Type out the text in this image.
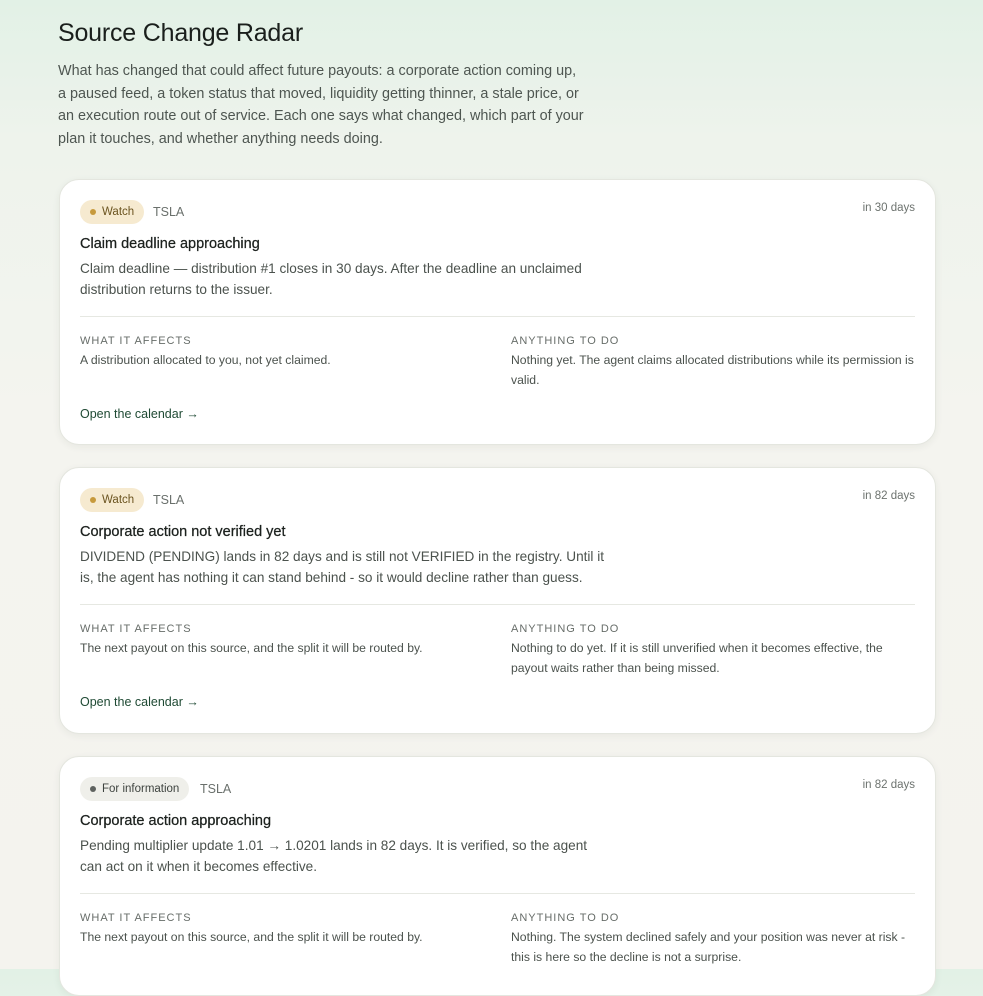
Source Change Radar

What has changed that could affect future payouts: a corporate action coming up, a paused feed, a token status that moved, liquidity getting thinner, a stale price, or an execution route out of service. Each one says what changed, which part of your plan it touches, and whether anything needs doing.

Watch TSLA	in 30 days
Claim deadline approaching

Claim deadline — distribution #1 closes in 30 days. After the deadline an unclaimed distribution returns to the issuer.

WHAT IT AFFECTS

A distribution allocated to you, not yet claimed.

ANYTHING TO DO

Nothing yet. The agent claims allocated distributions while its permission is valid.

Open the calendar →
Watch TSLA	in 82 days
Corporate action not verified yet

DIVIDEND (PENDING) lands in 82 days and is still not VERIFIED in the registry. Until it is, the agent has nothing it can stand behind - so it would decline rather than guess.

WHAT IT AFFECTS

The next payout on this source, and the split it will be routed by.

ANYTHING TO DO

Nothing to do yet. If it is still unverified when it becomes effective, the payout waits rather than being missed.

Open the calendar →
For information TSLA	in 82 days
Corporate action approaching

Pending multiplier update 1.01 → 1.0201 lands in 82 days. It is verified, so the agent can act on it when it becomes effective.

WHAT IT AFFECTS

The next payout on this source, and the split it will be routed by.

ANYTHING TO DO

Nothing. The system declined safely and your position was never at risk - this is here so the decline is not a surprise.
